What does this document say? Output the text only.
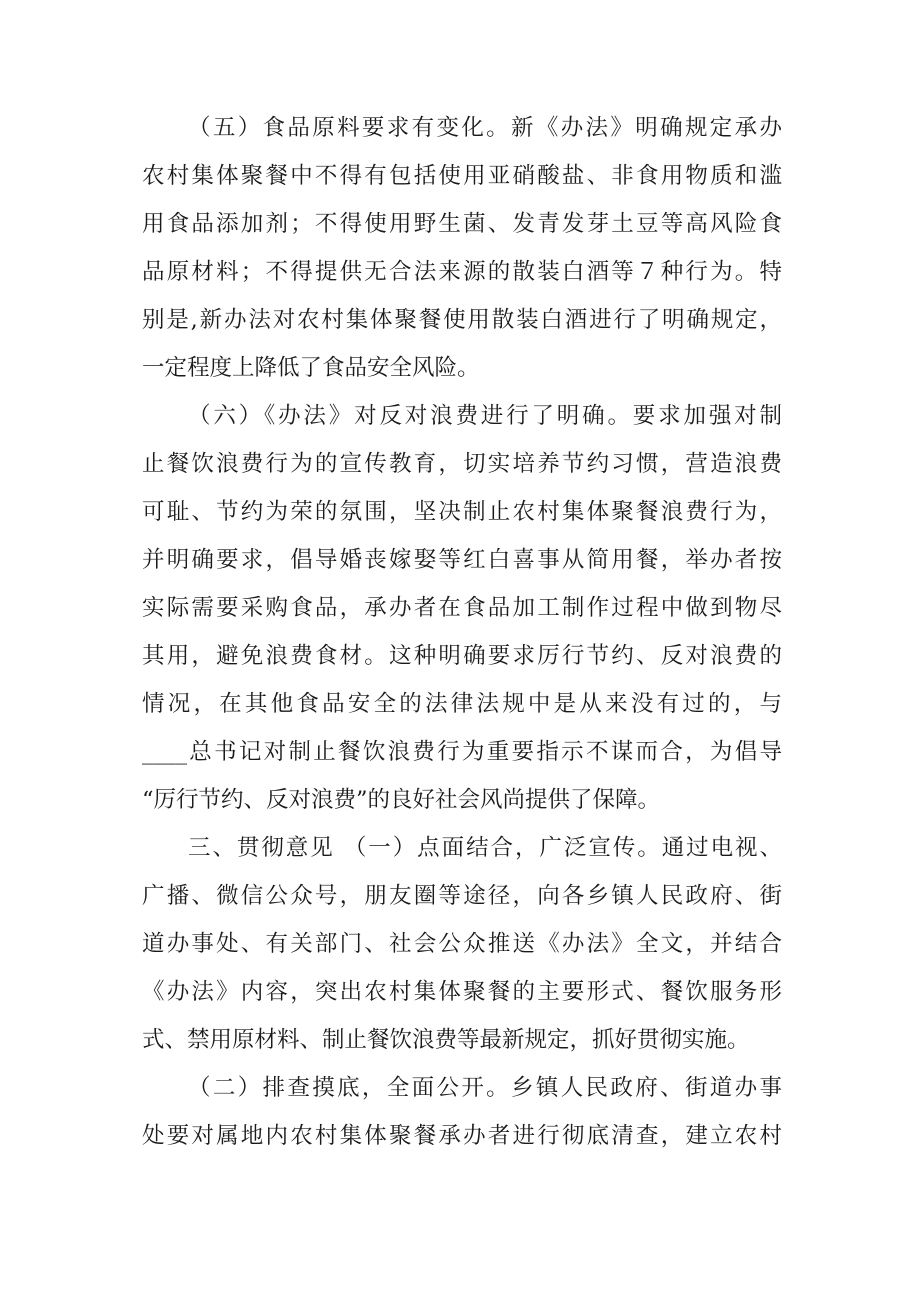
（五）食品原料要求有变化。新《办法》明确规定承办
农村集体聚餐中不得有包括使用亚硝酸盐、非食用物质和滥
用食品添加剂；不得使用野生菌、发青发芽土豆等高风险食
品原材料；不得提供无合法来源的散装白酒等７种行为。特
别是,新办法对农村集体聚餐使用散装白酒进行了明确规定，
一定程度上降低了食品安全风险。
（六）《办法》对反对浪费进行了明确。要求加强对制
止餐饮浪费行为的宣传教育，切实培养节约习惯，营造浪费
可耻、节约为荣的氛围，坚决制止农村集体聚餐浪费行为，
并明确要求，倡导婚丧嫁娶等红白喜事从简用餐，举办者按
实际需要采购食品，承办者在食品加工制作过程中做到物尽
其用，避免浪费食材。这种明确要求厉行节约、反对浪费的
情况，在其他食品安全的法律法规中是从来没有过的，与
____总书记对制止餐饮浪费行为重要指示不谋而合，为倡导
“厉行节约、反对浪费”的良好社会风尚提供了保障。
三、贯彻意见 （一）点面结合，广泛宣传。通过电视、
广播、微信公众号，朋友圈等途径，向各乡镇人民政府、街
道办事处、有关部门、社会公众推送《办法》全文，并结合
《办法》内容，突出农村集体聚餐的主要形式、餐饮服务形
式、禁用原材料、制止餐饮浪费等最新规定，抓好贯彻实施。
（二）排查摸底，全面公开。乡镇人民政府、街道办事
处要对属地内农村集体聚餐承办者进行彻底清查，建立农村
